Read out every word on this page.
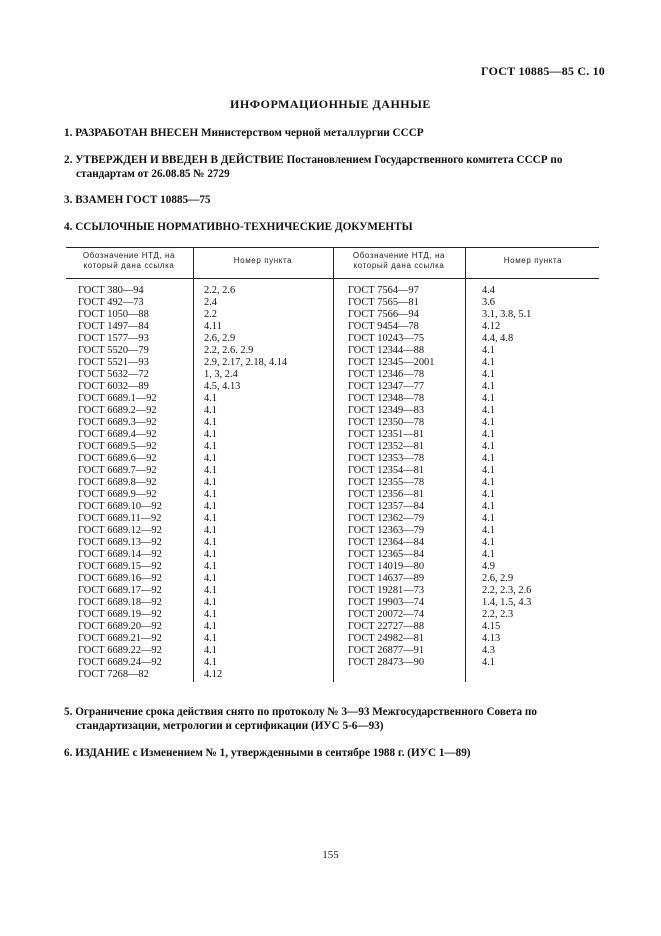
ГОСТ 10885—85 С. 10
ИНФОРМАЦИОННЫЕ ДАННЫЕ
1. РАЗРАБОТАН ВНЕСЕН Министерством черной металлургии СССР
2. УТВЕРЖДЕН И ВВЕДЕН В ДЕЙСТВИЕ Постановлением Государственного комитета СССР по стандартам от 26.08.85 № 2729
3. ВЗАМЕН ГОСТ 10885—75
4. ССЫЛОЧНЫЕ НОРМАТИВНО-ТЕХНИЧЕСКИЕ ДОКУМЕНТЫ
Обозначение НТД, на который дана ссылка
Номер пункта
Обозначение НТД, на который дана ссылка
Номер пункта
ГОСТ 380—94
ГОСТ 492—73
ГОСТ 1050—88
ГОСТ 1497—84
ГОСТ 1577—93
ГОСТ 5520—79
ГОСТ 5521—93
ГОСТ 5632—72
ГОСТ 6032—89
ГОСТ 6689.1—92
ГОСТ 6689.2—92
ГОСТ 6689.3—92
ГОСТ 6689.4—92
ГОСТ 6689.5—92
ГОСТ 6689.6—92
ГОСТ 6689.7—92
ГОСТ 6689.8—92
ГОСТ 6689.9—92
ГОСТ 6689.10—92
ГОСТ 6689.11—92
ГОСТ 6689.12—92
ГОСТ 6689.13—92
ГОСТ 6689.14—92
ГОСТ 6689.15—92
ГОСТ 6689.16—92
ГОСТ 6689.17—92
ГОСТ 6689.18—92
ГОСТ 6689.19—92
ГОСТ 6689.20—92
ГОСТ 6689.21—92
ГОСТ 6689.22—92
ГОСТ 6689.24—92
ГОСТ 7268—82
2.2, 2.6
2.4
2.2
4.11
2.6, 2.9
2.2, 2.6. 2.9
2.9, 2.17, 2.18, 4.14
1, 3, 2.4
4.5, 4.13
4.1
4.1
4.1
4.1
4.1
4.1
4.1
4.1
4.1
4.1
4.1
4.1
4.1
4.1
4.1
4.1
4.1
4.1
4.1
4.1
4.1
4.1
4.1
4.12
ГОСТ 7564—97
ГОСТ 7565—81
ГОСТ 7566—94
ГОСТ 9454—78
ГОСТ 10243—75
ГОСТ 12344—88
ГОСТ 12345—2001
ГОСТ 12346—78
ГОСТ 12347—77
ГОСТ 12348—78
ГОСТ 12349—83
ГОСТ 12350—78
ГОСТ 12351—81
ГОСТ 12352—81
ГОСТ 12353—78
ГОСТ 12354—81
ГОСТ 12355—78
ГОСТ 12356—81
ГОСТ 12357—84
ГОСТ 12362—79
ГОСТ 12363—79
ГОСТ 12364—84
ГОСТ 12365—84
ГОСТ 14019—80
ГОСТ 14637—89
ГОСТ 19281—73
ГОСТ 19903—74
ГОСТ 20072—74
ГОСТ 22727—88
ГОСТ 24982—81
ГОСТ 26877—91
ГОСТ 28473—90
4.4
3.6
3.1, 3.8, 5.1
4.12
4.4, 4.8
4.1
4.1
4.1
4.1
4.1
4.1
4.1
4.1
4.1
4.1
4.1
4.1
4.1
4.1
4.1
4.1
4.1
4.1
4.9
2.6, 2.9
2.2, 2.3, 2.6
1.4, 1.5, 4.3
2.2, 2.3
4.15
4.13
4.3
4.1
5. Ограничение срока действия снято по протоколу № 3—93 Межгосударственного Совета по стандартизации, метрологии и сертификации (ИУС 5-6—93)
6. ИЗДАНИЕ с Изменением № 1, утвержденными в сентябре 1988 г. (ИУС 1—89)
155
